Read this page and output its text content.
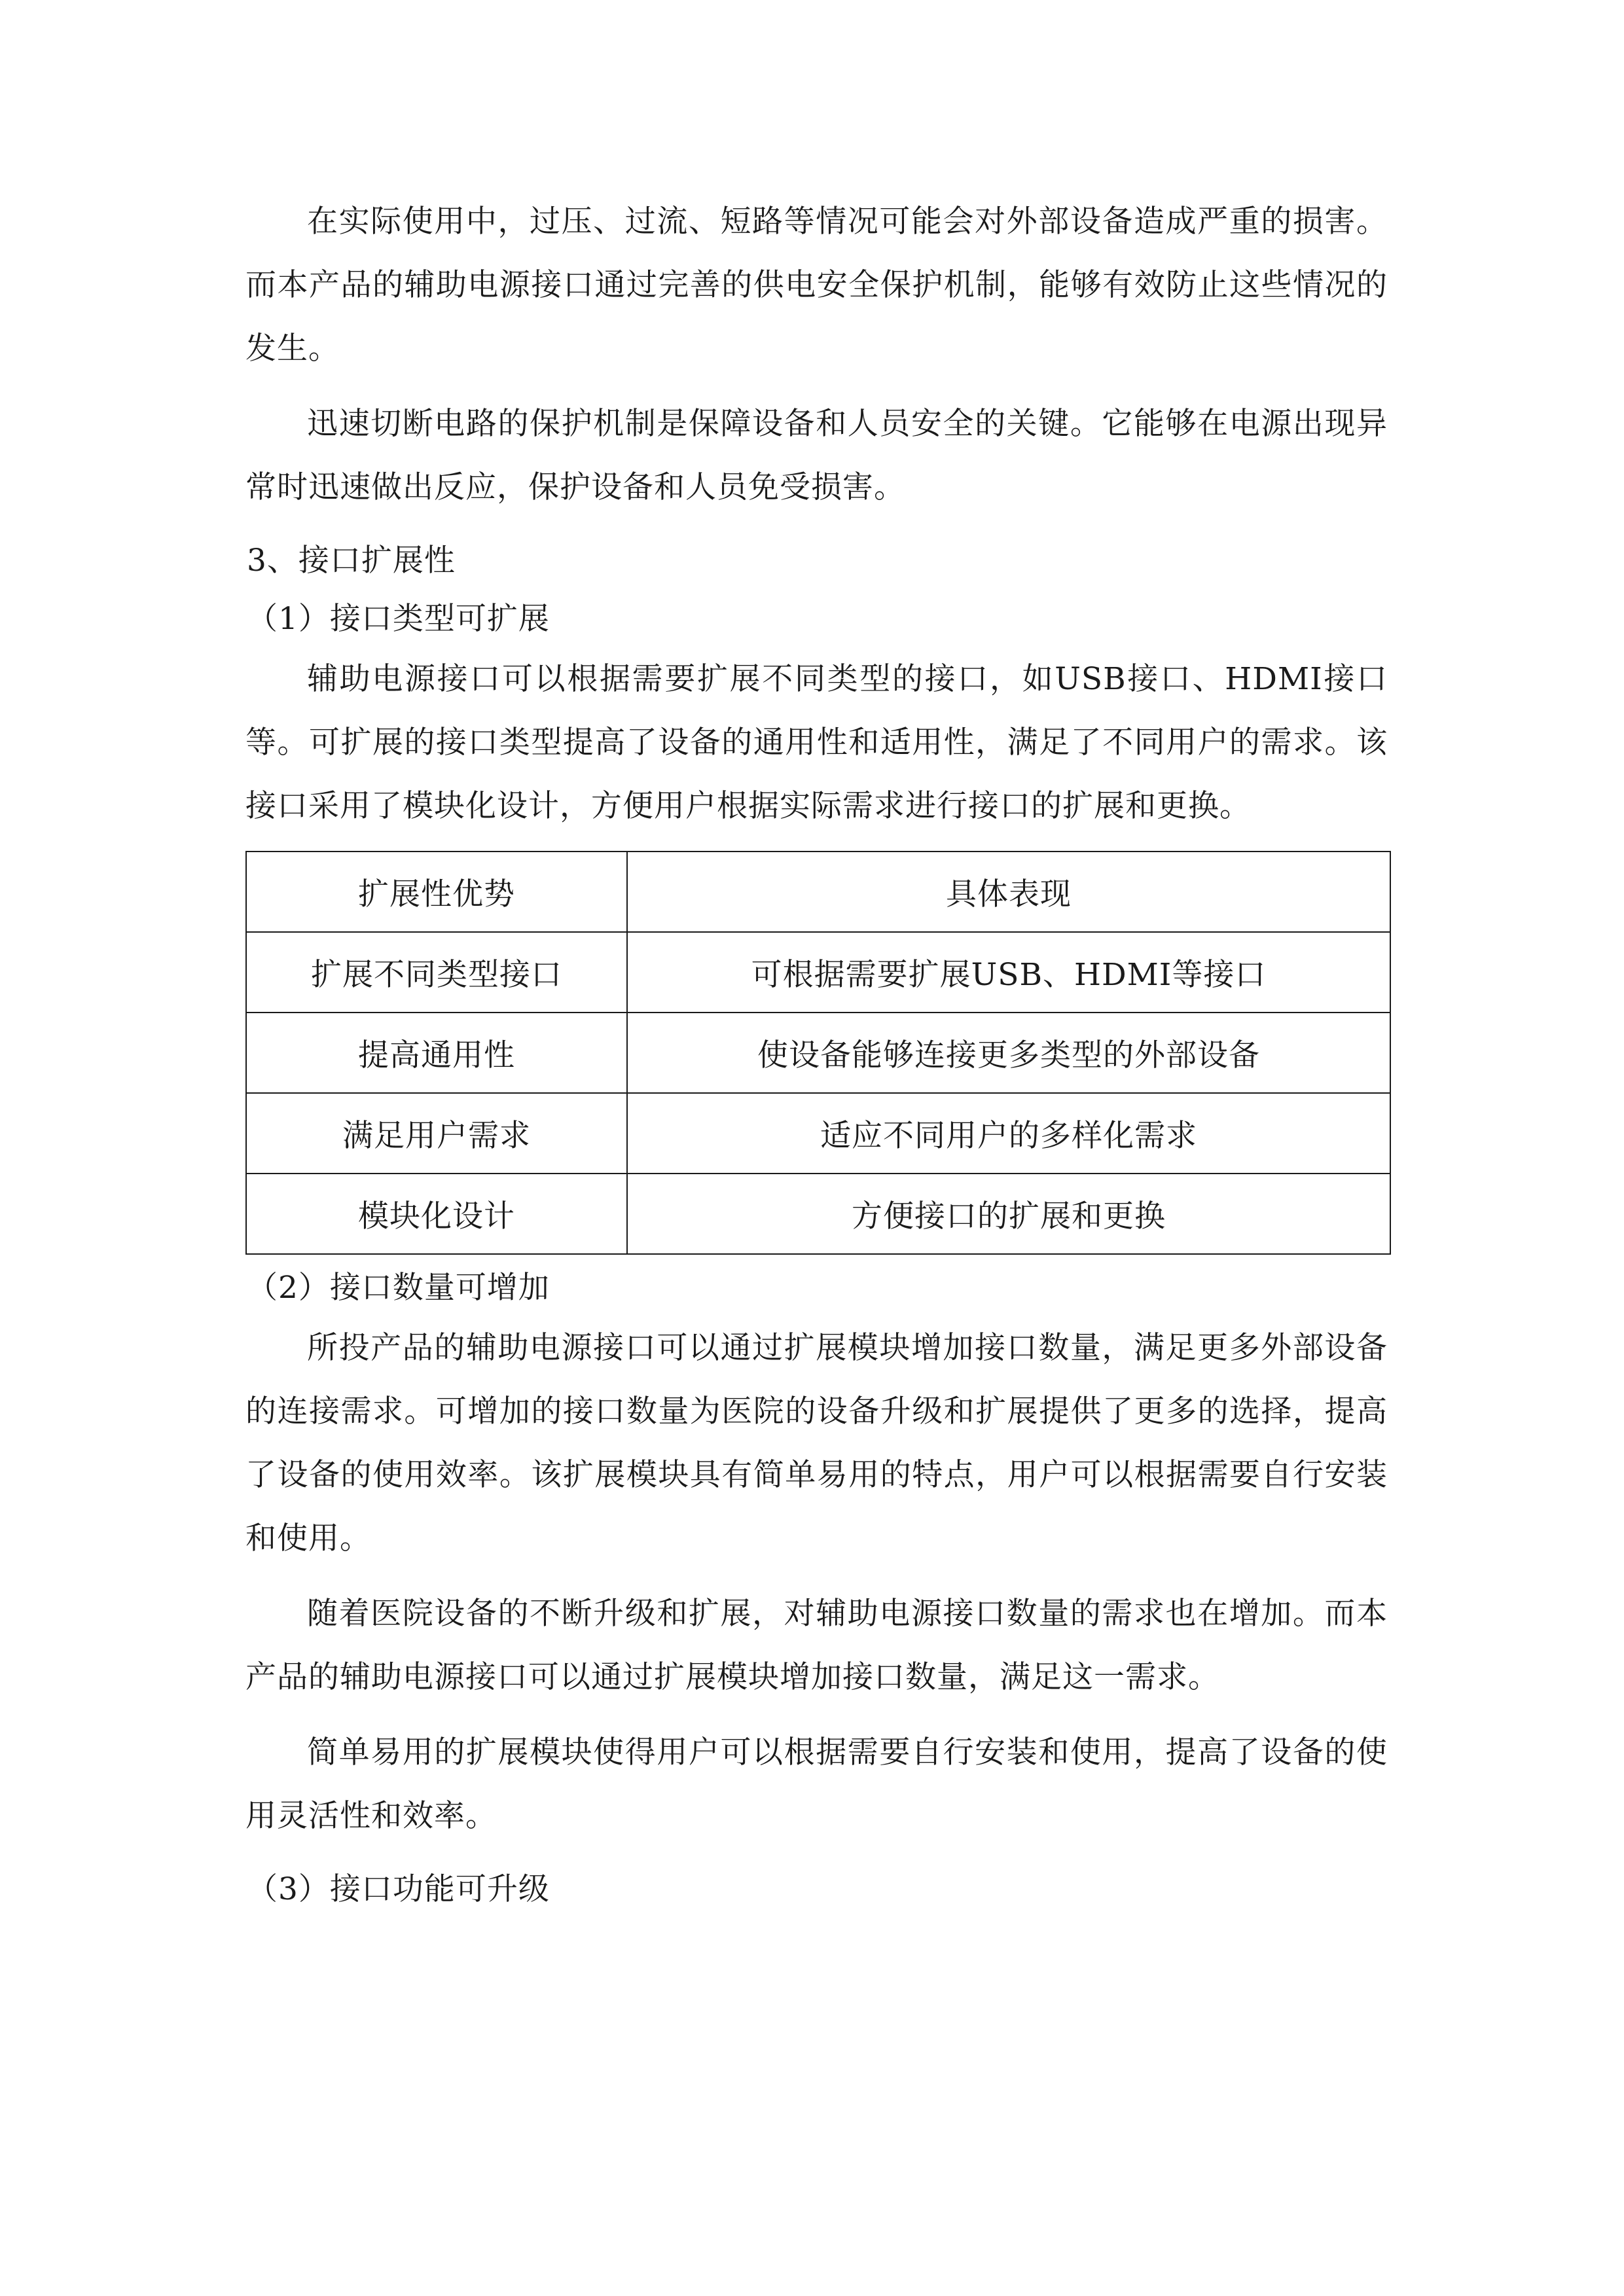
在实际使用中，过压、过流、短路等情况可能会对外部设备造成严重的损害。而本产品的辅助电源接口通过完善的供电安全保护机制，能够有效防止这些情况的发生。

迅速切断电路的保护机制是保障设备和人员安全的关键。它能够在电源出现异常时迅速做出反应，保护设备和人员免受损害。

3、接口扩展性

（1）接口类型可扩展

辅助电源接口可以根据需要扩展不同类型的接口，如USB接口、HDMI接口等。可扩展的接口类型提高了设备的通用性和适用性，满足了不同用户的需求。该接口采用了模块化设计，方便用户根据实际需求进行接口的扩展和更换。

扩展性优势	具体表现
扩展不同类型接口	可根据需要扩展USB、HDMI等接口
提高通用性	使设备能够连接更多类型的外部设备
满足用户需求	适应不同用户的多样化需求
模块化设计	方便接口的扩展和更换

（2）接口数量可增加

所投产品的辅助电源接口可以通过扩展模块增加接口数量，满足更多外部设备的连接需求。可增加的接口数量为医院的设备升级和扩展提供了更多的选择，提高了设备的使用效率。该扩展模块具有简单易用的特点，用户可以根据需要自行安装和使用。

随着医院设备的不断升级和扩展，对辅助电源接口数量的需求也在增加。而本产品的辅助电源接口可以通过扩展模块增加接口数量，满足这一需求。

简单易用的扩展模块使得用户可以根据需要自行安装和使用，提高了设备的使用灵活性和效率。

（3）接口功能可升级
